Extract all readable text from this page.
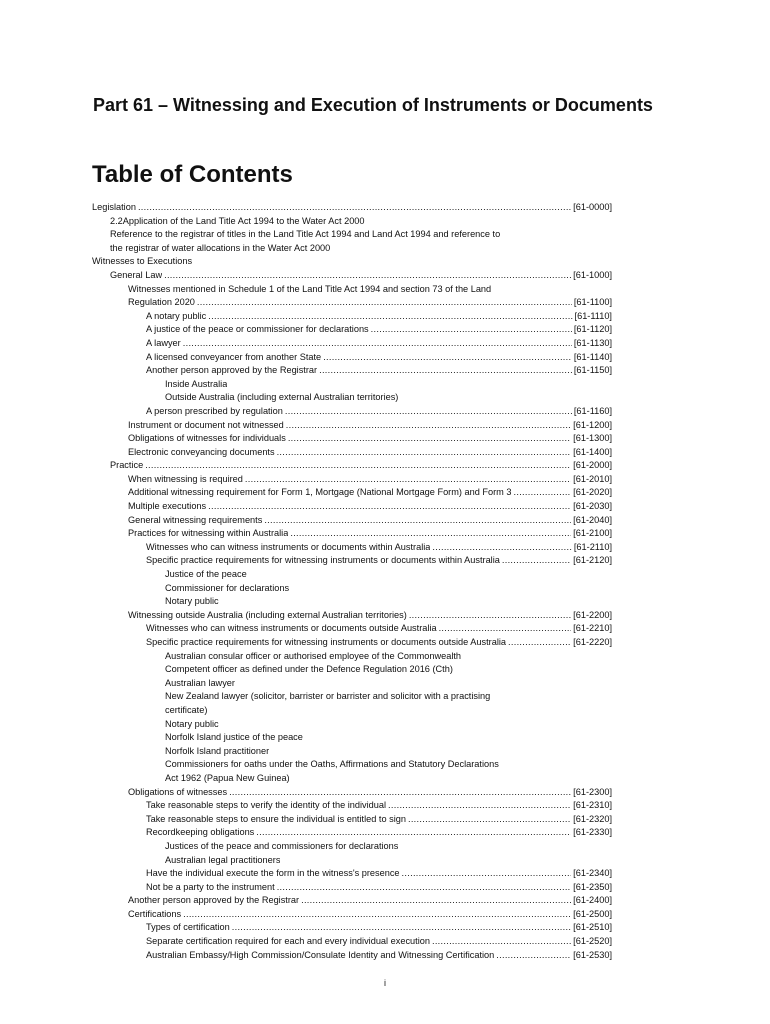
Part 61 – Witnessing and Execution of Instruments or Documents
Table of Contents
Legislation .....	[61-0000]
2.2Application of the Land Title Act 1994 to the Water Act 2000
Reference to the registrar of titles in the Land Title Act 1994 and Land Act 1994 and reference to
the registrar of water allocations in the Water Act 2000
Witnesses to Executions
General Law .....	[61-1000]
Witnesses mentioned in Schedule 1 of the Land Title Act 1994 and section 73 of the Land
Regulation 2020 .....	[61-1100]
A notary public .....	[61-1110]
A justice of the peace or commissioner for declarations .....	[61-1120]
A lawyer .....	[61-1130]
A licensed conveyancer from another State .....	[61-1140]
Another person approved by the Registrar .....	[61-1150]
Inside Australia
Outside Australia (including external Australian territories)
A person prescribed by regulation .....	[61-1160]
Instrument or document not witnessed .....	[61-1200]
Obligations of witnesses for individuals .....	[61-1300]
Electronic conveyancing documents .....	[61-1400]
Practice .....	[61-2000]
When witnessing is required .....	[61-2010]
Additional witnessing requirement for Form 1, Mortgage (National Mortgage Form) and Form 3 .....	[61-2020]
Multiple executions .....	[61-2030]
General witnessing requirements .....	[61-2040]
Practices for witnessing within Australia .....	[61-2100]
Witnesses who can witness instruments or documents within Australia .....	[61-2110]
Specific practice requirements for witnessing instruments or documents within Australia .....	[61-2120]
Justice of the peace
Commissioner for declarations
Notary public
Witnessing outside Australia (including external Australian territories) .....	[61-2200]
Witnesses who can witness instruments or documents outside Australia .....	[61-2210]
Specific practice requirements for witnessing instruments or documents outside Australia .....	[61-2220]
Australian consular officer or authorised employee of the Commonwealth
Competent officer as defined under the Defence Regulation 2016 (Cth)
Australian lawyer
New Zealand lawyer (solicitor, barrister or barrister and solicitor with a practising
certificate)
Notary public
Norfolk Island justice of the peace
Norfolk Island practitioner
Commissioners for oaths under the Oaths, Affirmations and Statutory Declarations
Act 1962 (Papua New Guinea)
Obligations of witnesses .....	[61-2300]
Take reasonable steps to verify the identity of the individual .....	[61-2310]
Take reasonable steps to ensure the individual is entitled to sign .....	[61-2320]
Recordkeeping obligations .....	[61-2330]
Justices of the peace and commissioners for declarations
Australian legal practitioners
Have the individual execute the form in the witness's presence .....	[61-2340]
Not be a party to the instrument .....	[61-2350]
Another person approved by the Registrar .....	[61-2400]
Certifications .....	[61-2500]
Types of certification .....	[61-2510]
Separate certification required for each and every individual execution .....	[61-2520]
Australian Embassy/High Commission/Consulate Identity and Witnessing Certification .....	[61-2530]
i
